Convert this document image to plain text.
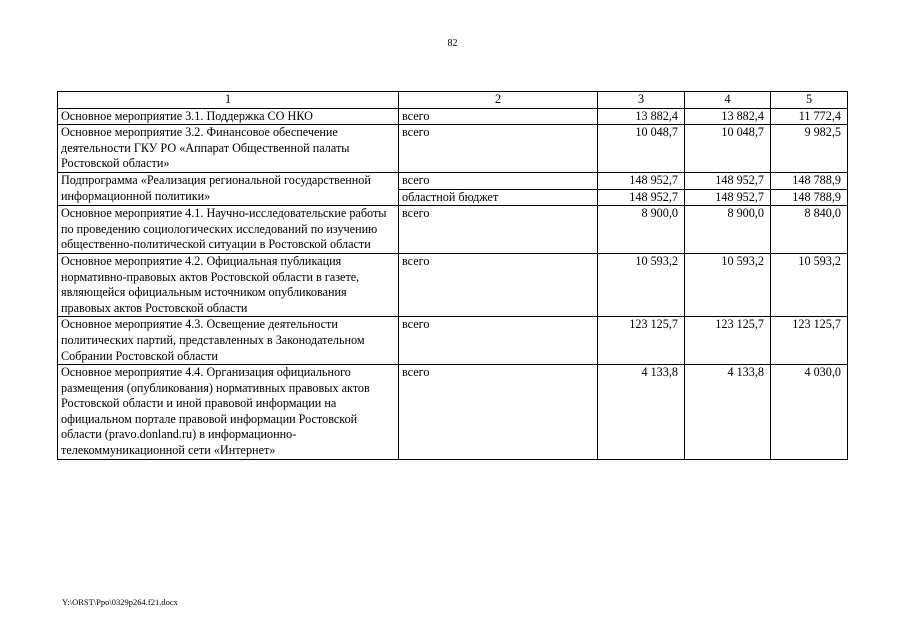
82
1	2	3	4	5
Основное мероприятие 3.1. Поддержка СО НКО	всего	13 882,4	13 882,4	11 772,4
Основное мероприятие 3.2. Финансовое обеспечение деятельности ГКУ РО «Аппарат Общественной палаты Ростовской области»	всего	10 048,7	10 048,7	9 982,5
Подпрограмма «Реализация региональной государственной информационной политики»	всего	148 952,7	148 952,7	148 788,9
	областной бюджет	148 952,7	148 952,7	148 788,9
Основное мероприятие 4.1. Научно-исследовательские работы по проведению социологических исследований по изучению общественно-политической ситуации в Ростовской области	всего	8 900,0	8 900,0	8 840,0
Основное мероприятие 4.2. Официальная публикация нормативно-правовых актов Ростовской области в газете, являющейся официальным источником опубликования правовых актов Ростовской области	всего	10 593,2	10 593,2	10 593,2
Основное мероприятие 4.3. Освещение деятельности политических партий, представленных в Законодательном Собрании Ростовской области	всего	123 125,7	123 125,7	123 125,7
Основное мероприятие 4.4. Организация официального размещения (опубликования) нормативных правовых актов Ростовской области и иной правовой информации на официальном портале правовой информации Ростовской области (pravo.donland.ru) в информационно-телекоммуникационной сети «Интернет»	всего	4 133,8	4 133,8	4 030,0
Y:\ORST\Ppo\0329p264.f21.docx
